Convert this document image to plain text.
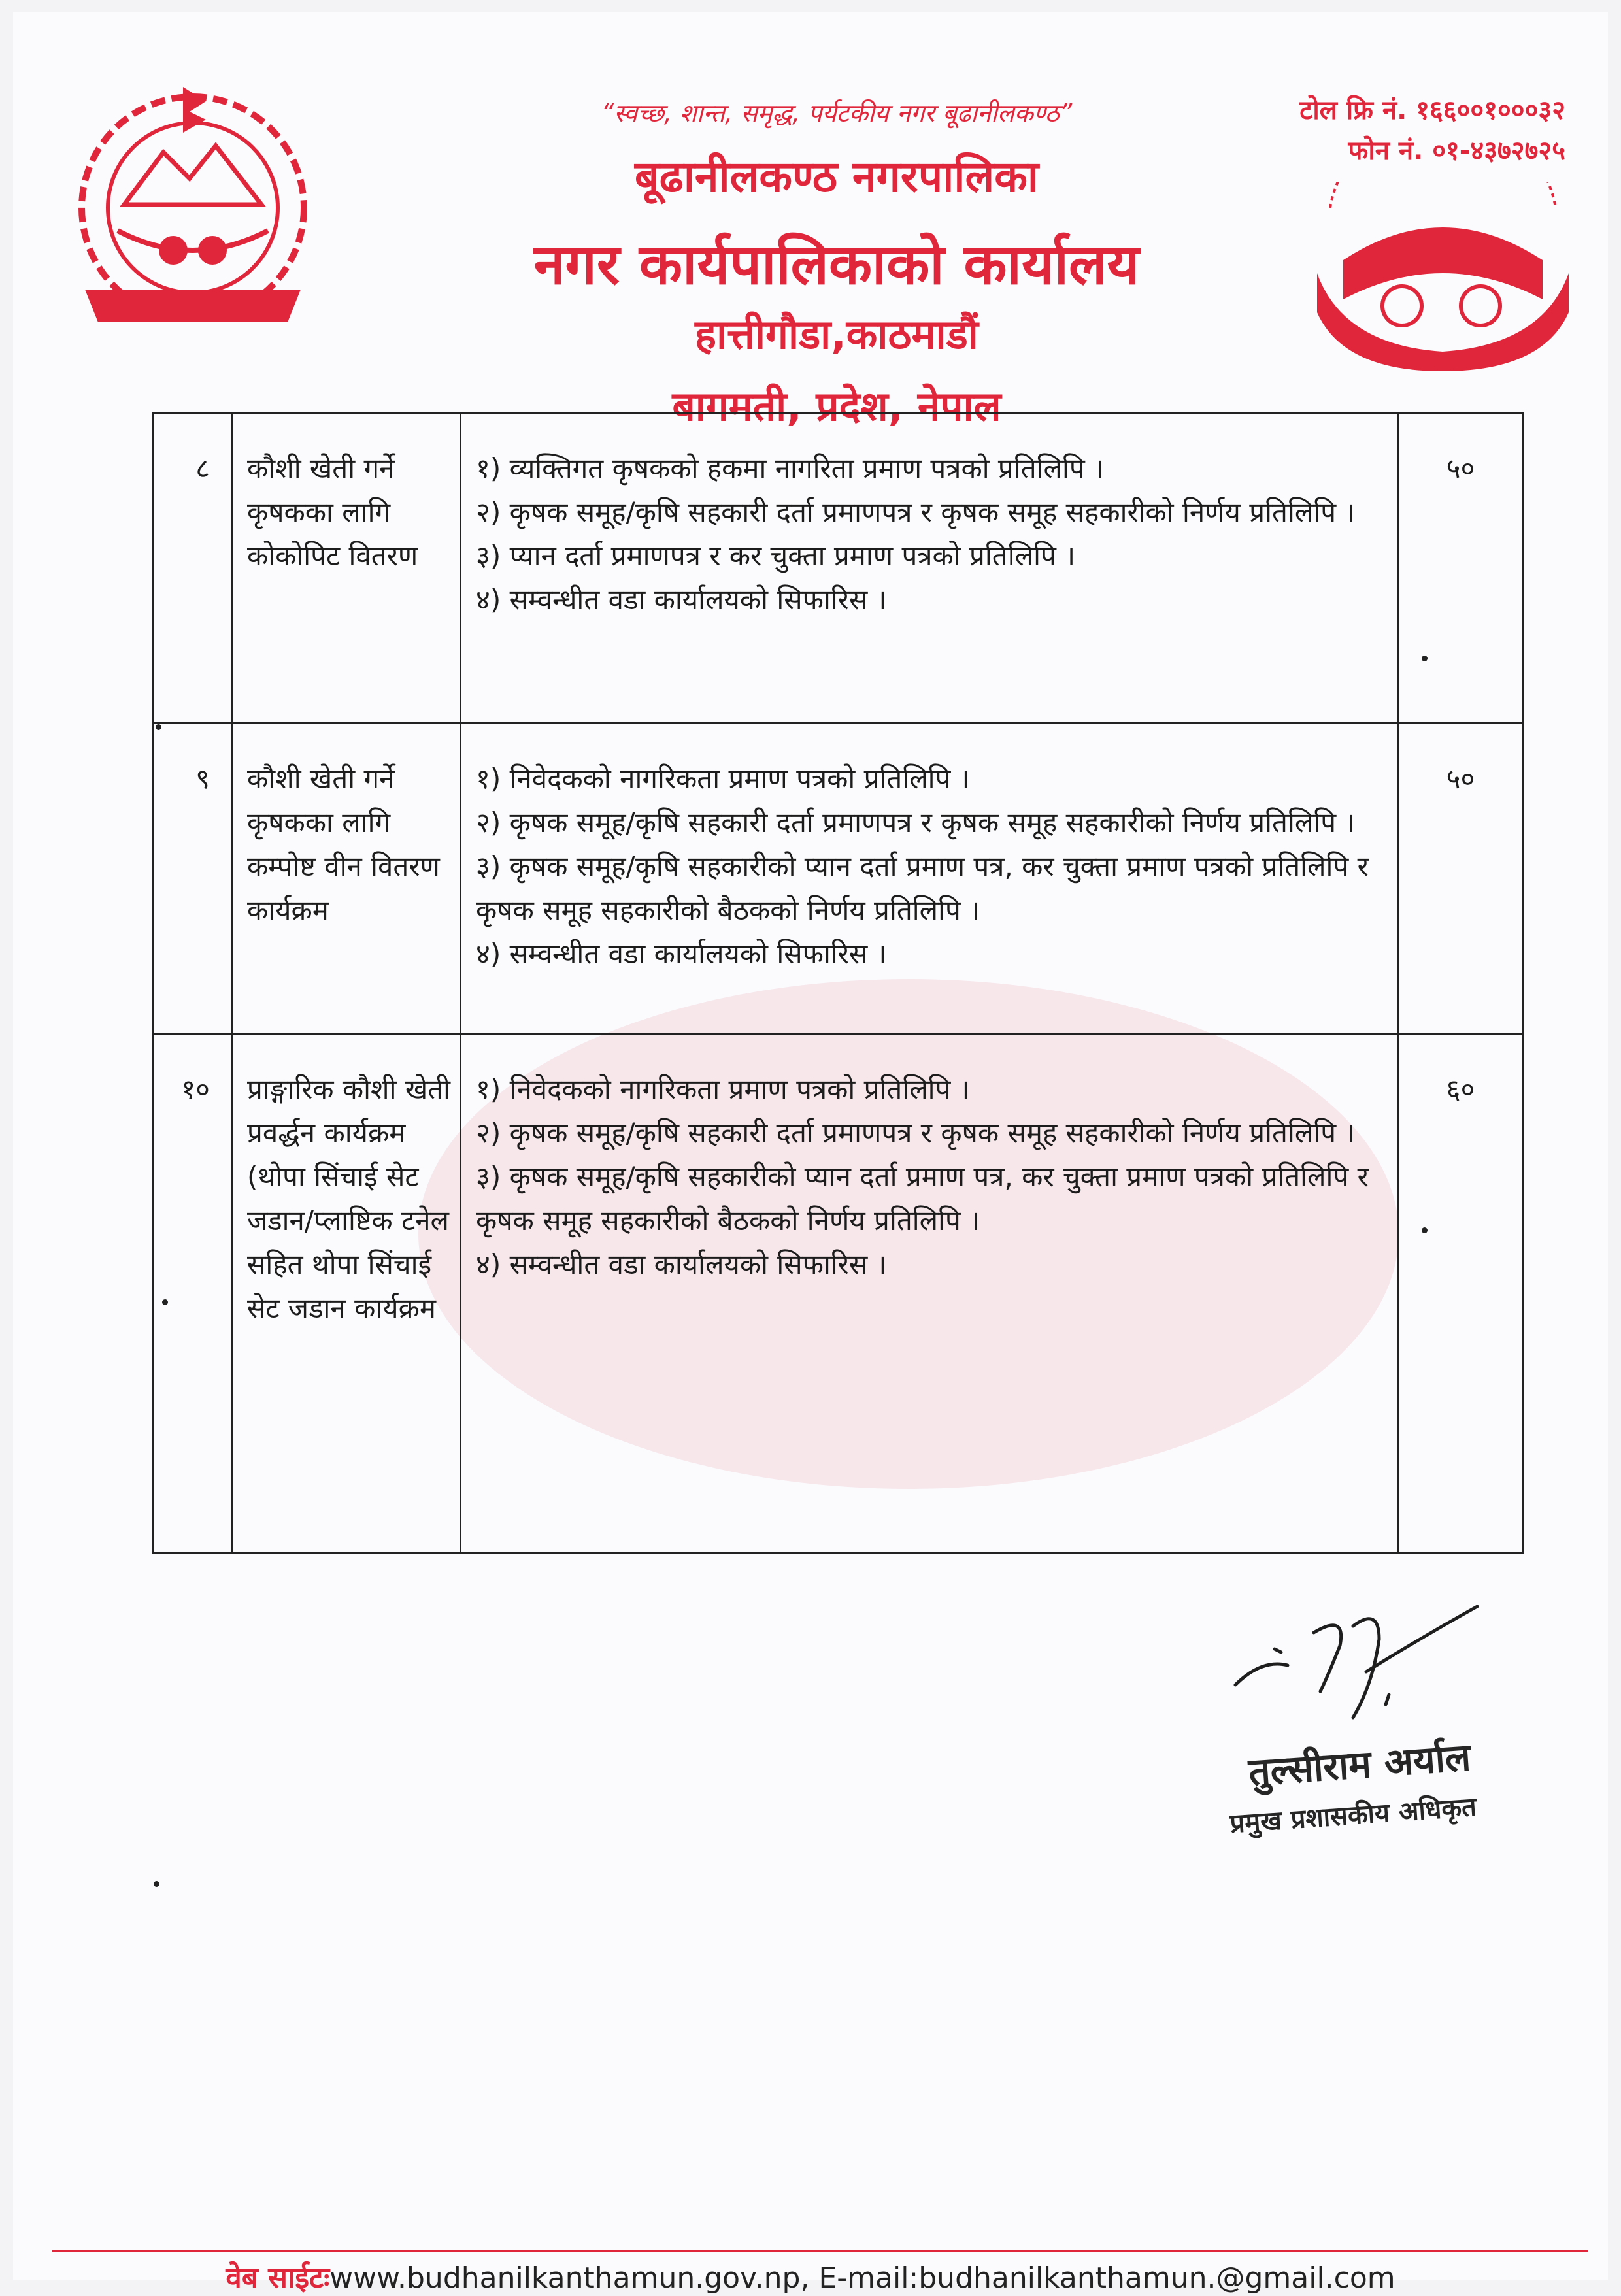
“स्वच्छ, शान्त, समृद्ध, पर्यटकीय नगर बूढानीलकण्ठ”	टोल फ्रि नं. १६६००१०००३२
फोन नं. ०१-४३७२७२५
बूढानीलकण्ठ नगरपालिका
नगर कार्यपालिकाको कार्यालय
हात्तीगौडा,काठमाडौं
बागमती, प्रदेश, नेपाल
८	कौशी खेती गर्ने कृषकका लागि कोकोपिट वितरण	१) व्यक्तिगत कृषकको हकमा नागरिता प्रमाण पत्रको प्रतिलिपि ।
२) कृषक समूह/कृषि सहकारी दर्ता प्रमाणपत्र र कृषक समूह सहकारीको निर्णय प्रतिलिपि ।
३) प्यान दर्ता प्रमाणपत्र र कर चुक्ता प्रमाण पत्रको प्रतिलिपि ।
४) सम्वन्धीत वडा कार्यालयको सिफारिस ।	५०
९	कौशी खेती गर्ने कृषकका लागि कम्पोष्ट वीन वितरण कार्यक्रम	१) निवेदकको नागरिकता प्रमाण पत्रको प्रतिलिपि ।
२) कृषक समूह/कृषि सहकारी दर्ता प्रमाणपत्र र कृषक समूह सहकारीको निर्णय प्रतिलिपि ।
३) कृषक समूह/कृषि सहकारीको प्यान दर्ता प्रमाण पत्र, कर चुक्ता प्रमाण पत्रको प्रतिलिपि र कृषक समूह सहकारीको बैठकको निर्णय प्रतिलिपि ।
४) सम्वन्धीत वडा कार्यालयको सिफारिस ।	५०
१०	प्राङ्गारिक कौशी खेती प्रवर्द्धन कार्यक्रम (थोपा सिंचाई सेट जडान/प्लाष्टिक टनेल सहित थोपा सिंचाई सेट जडान कार्यक्रम	१) निवेदकको नागरिकता प्रमाण पत्रको प्रतिलिपि ।
२) कृषक समूह/कृषि सहकारी दर्ता प्रमाणपत्र र कृषक समूह सहकारीको निर्णय प्रतिलिपि ।
३) कृषक समूह/कृषि सहकारीको प्यान दर्ता प्रमाण पत्र, कर चुक्ता प्रमाण पत्रको प्रतिलिपि र कृषक समूह सहकारीको बैठकको निर्णय प्रतिलिपि ।
४) सम्वन्धीत वडा कार्यालयको सिफारिस ।	६०
तुल्सीराम अर्याल
प्रमुख प्रशासकीय अधिकृत
वेब साईटःwww.budhanilkanthamun.gov.np, E-mail:budhanilkanthamun.@gmail.com
